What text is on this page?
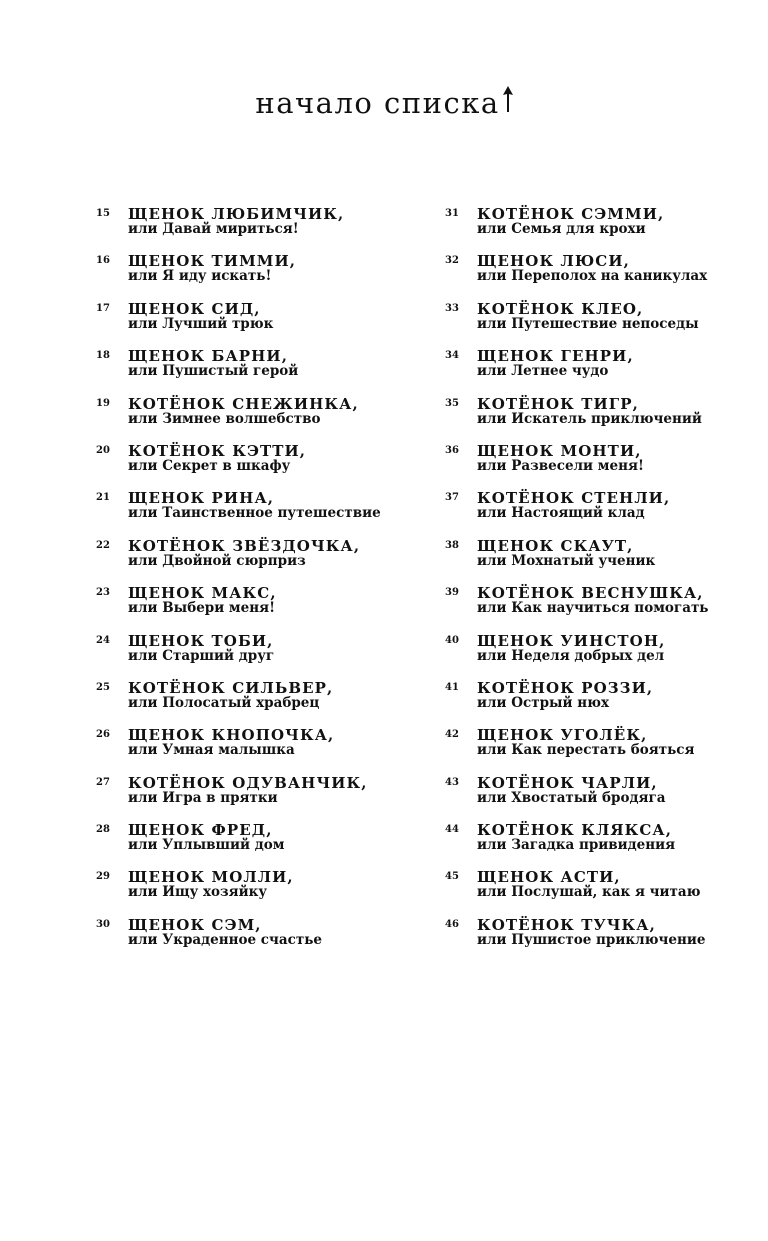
начало списка
15	ЩЕНОК ЛЮБИМЧИК,
или Давай мириться!
16	ЩЕНОК ТИММИ,
или Я иду искать!
17	ЩЕНОК СИД,
или Лучший трюк
18	ЩЕНОК БАРНИ,
или Пушистый герой
19	КОТЁНОК СНЕЖИНКА,
или Зимнее волшебство
20	КОТЁНОК КЭТТИ,
или Секрет в шкафу
21	ЩЕНОК РИНА,
или Таинственное путешествие
22	КОТЁНОК ЗВЁЗДОЧКА,
или Двойной сюрприз
23	ЩЕНОК МАКС,
или Выбери меня!
24	ЩЕНОК ТОБИ,
или Старший друг
25	КОТЁНОК СИЛЬВЕР,
или Полосатый храбрец
26	ЩЕНОК КНОПОЧКА,
или Умная малышка
27	КОТЁНОК ОДУВАНЧИК,
или Игра в прятки
28	ЩЕНОК ФРЕД,
или Уплывший дом
29	ЩЕНОК МОЛЛИ,
или Ищу хозяйку
30	ЩЕНОК СЭМ,
или Украденное счастье
31	КОТЁНОК СЭММИ,
или Семья для крохи
32	ЩЕНОК ЛЮСИ,
или Переполох на каникулах
33	КОТЁНОК КЛЕО,
или Путешествие непоседы
34	ЩЕНОК ГЕНРИ,
или Летнее чудо
35	КОТЁНОК ТИГР,
или Искатель приключений
36	ЩЕНОК МОНТИ,
или Развесели меня!
37	КОТЁНОК СТЕНЛИ,
или Настоящий клад
38	ЩЕНОК СКАУТ,
или Мохнатый ученик
39	КОТЁНОК ВЕСНУШКА,
или Как научиться помогать
40	ЩЕНОК УИНСТОН,
или Неделя добрых дел
41	КОТЁНОК РОЗЗИ,
или Острый нюх
42	ЩЕНОК УГОЛЁК,
или Как перестать бояться
43	КОТЁНОК ЧАРЛИ,
или Хвостатый бродяга
44	КОТЁНОК КЛЯКСА,
или Загадка привидения
45	ЩЕНОК АСТИ,
или Послушай, как я читаю
46	КОТЁНОК ТУЧКА,
или Пушистое приключение
